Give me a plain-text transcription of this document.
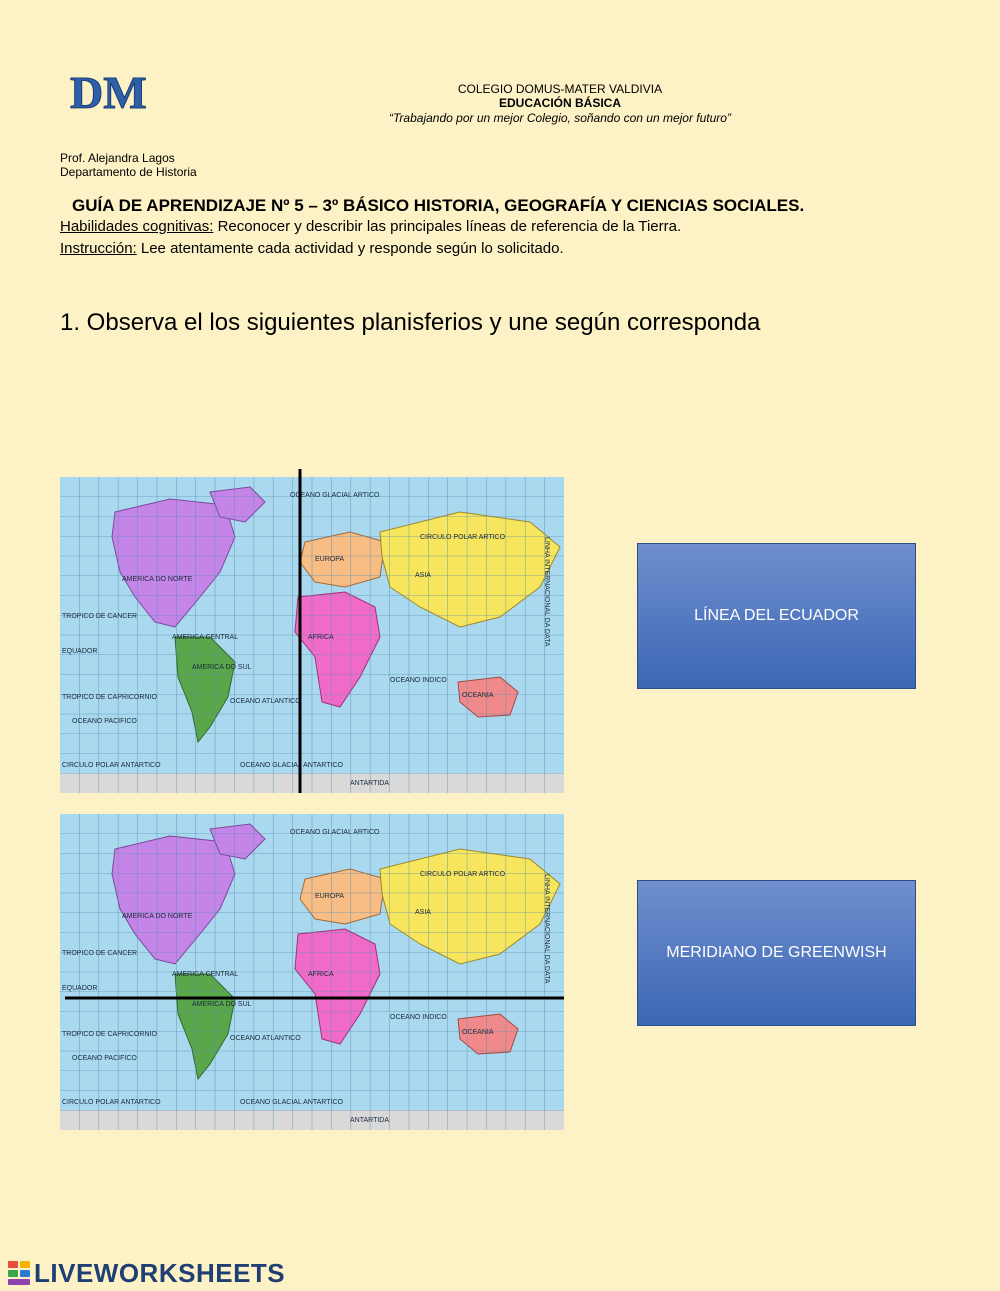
DM	COLEGIO DOMUS-MATER VALDIVIA
EDUCACIÓN BÁSICA
“Trabajando por un mejor Colegio, soñando con un mejor futuro”
Prof. Alejandra Lagos
Departamento de Historia
GUÍA DE APRENDIZAJE Nº 5 – 3º BÁSICO HISTORIA, GEOGRAFÍA Y CIENCIAS SOCIALES.
Habilidades cognitivas: Reconocer y describir las principales líneas de referencia de la Tierra.
Instrucción: Lee atentamente cada actividad y responde según lo solicitado.
1. Observa el los siguientes planisferios y une según corresponda
OCEANO GLACIAL ARTICO
CIRCULO POLAR ARTICO
AMERICA DO NORTE
EUROPA
ASIA
TROPICO DE CANCER
AMERICA CENTRAL	AFRICA
EQUADOR
AMERICA DO SUL
OCEANO INDICO
OCEANIA
TROPICO DE CAPRICORNIO
OCEANO ATLANTICO
OCEANO PACIFICO
CIRCULO POLAR ANTARTICO	OCEANO GLACIAL ANTARTICO
ANTARTIDA
LINHA INTERNACIONAL DA DATA
OCEANO GLACIAL ARTICO
CIRCULO POLAR ARTICO
AMERICA DO NORTE
EUROPA
ASIA
TROPICO DE CANCER
AMERICA CENTRAL	AFRICA
EQUADOR
AMERICA DO SUL
OCEANO INDICO
OCEANIA
TROPICO DE CAPRICORNIO
OCEANO ATLANTICO
OCEANO PACIFICO
CIRCULO POLAR ANTARTICO	OCEANO GLACIAL ANTARTICO
ANTARTIDA
LINHA INTERNACIONAL DA DATA
LÍNEA DEL ECUADOR
MERIDIANO DE GREENWISH
LIVEWORKSHEETS
